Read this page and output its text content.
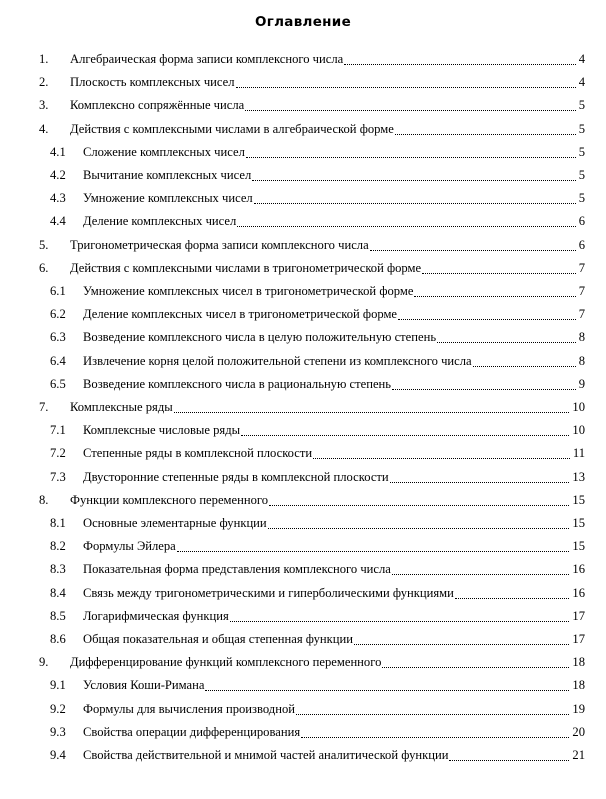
Оглавление
1. Алгебраическая форма записи комплексного числа	4
2. Плоскость комплексных чисел	4
3. Комплексно сопряжённые числа	5
4. Действия с комплексными числами в алгебраической форме	5
4.1 Сложение комплексных чисел	5
4.2 Вычитание комплексных чисел	5
4.3 Умножение комплексных чисел	5
4.4 Деление комплексных чисел	6
5. Тригонометрическая форма записи комплексного числа	6
6. Действия с комплексными числами в тригонометрической форме	7
6.1 Умножение комплексных чисел в тригонометрической форме	7
6.2 Деление комплексных чисел в тригонометрической форме	7
6.3 Возведение комплексного числа в целую положительную степень	8
6.4 Извлечение корня целой положительной степени из комплексного числа	8
6.5 Возведение комплексного числа в рациональную степень	9
7. Комплексные ряды	10
7.1 Комплексные числовые ряды	10
7.2 Степенные ряды в комплексной плоскости	11
7.3 Двусторонние степенные ряды в комплексной плоскости	13
8. Функции комплексного переменного	15
8.1 Основные элементарные функции	15
8.2 Формулы Эйлера	15
8.3 Показательная форма представления комплексного числа	16
8.4 Связь между тригонометрическими и гиперболическими функциями	16
8.5 Логарифмическая функция	17
8.6 Общая показательная и общая степенная функции	17
9. Дифференцирование функций комплексного переменного	18
9.1 Условия Коши-Римана	18
9.2 Формулы для вычисления производной	19
9.3 Свойства операции дифференцирования	20
9.4 Свойства действительной и мнимой частей аналитической функции	21
